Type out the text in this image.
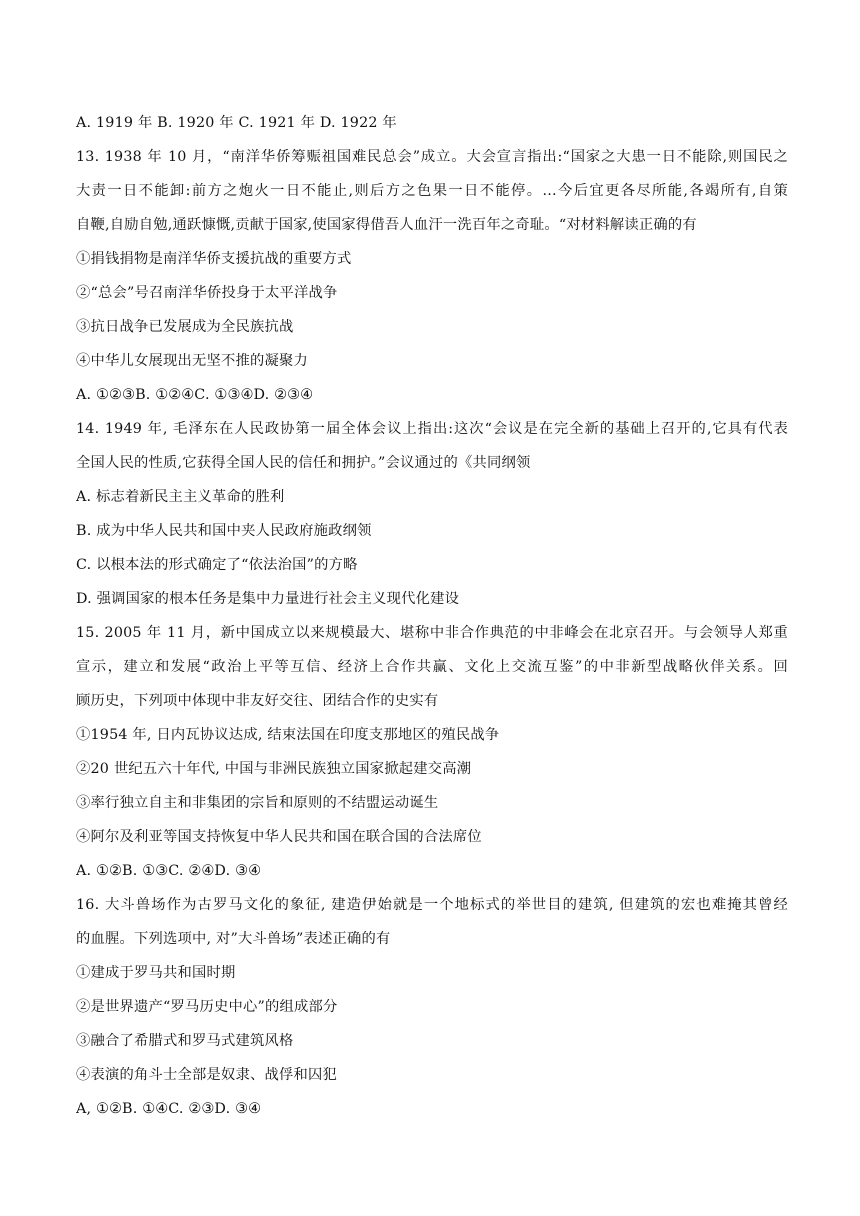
A. 1919 年 B. 1920 年 C. 1921 年 D. 1922 年
13. 1938 年 10 月，“南洋华侨筹赈祖国难民总会”成立。大会宣言指出:“国家之大患一日不能除,则国民之
大责一日不能卸:前方之炮火一日不能止,则后方之色果一日不能停。…今后宜更各尽所能,各竭所有,自策
自鞭,自励自勉,通跃慷慨,贡献于国家,使国家得借吾人血汗一洗百年之奇耻。“对材料解读正确的有
①捐钱捐物是南洋华侨支援抗战的重要方式
②“总会”号召南洋华侨投身于太平洋战争
③抗日战争已发展成为全民族抗战
④中华儿女展现出无坚不推的凝聚力
A. ①②③B. ①②④C. ①③④D. ②③④
14. 1949 年, 毛泽东在人民政协第一届全体会议上指出:这次“会议是在完全新的基础上召开的,它具有代表
全国人民的性质,它获得全国人民的信任和拥护。”会议通过的《共同纲领
A. 标志着新民主主义革命的胜利
B. 成为中华人民共和国中夹人民政府施政纲领
C. 以根本法的形式确定了“依法治国”的方略
D. 强调国家的根本任务是集中力量进行社会主义现代化建设
15. 2005 年 11 月，新中国成立以来规模最大、堪称中非合作典范的中非峰会在北京召开。与会领导人郑重
宣示，建立和发展“政治上平等互信、经济上合作共赢、文化上交流互鉴”的中非新型战略伙伴关系。回
顾历史，下列项中体现中非友好交往、团结合作的史实有
①1954 年, 日内瓦协议达成, 结束法国在印度支那地区的殖民战争
②20 世纪五六十年代, 中国与非洲民族独立国家掀起建交高潮
③率行独立自主和非集团的宗旨和原则的不结盟运动诞生
④阿尔及利亚等国支持恢复中华人民共和国在联合国的合法席位
A. ①②B. ①③C. ②④D. ③④
16. 大斗兽场作为古罗马文化的象征, 建造伊始就是一个地标式的举世目的建筑, 但建筑的宏也难掩其曾经
的血腥。下列选项中, 对”大斗兽场”表述正确的有
①建成于罗马共和国时期
②是世界遗产“罗马历史中心”的组成部分
③融合了希腊式和罗马式建筑风格
④表演的角斗士全部是奴隶、战俘和囚犯
A, ①②B. ①④C. ②③D. ③④
